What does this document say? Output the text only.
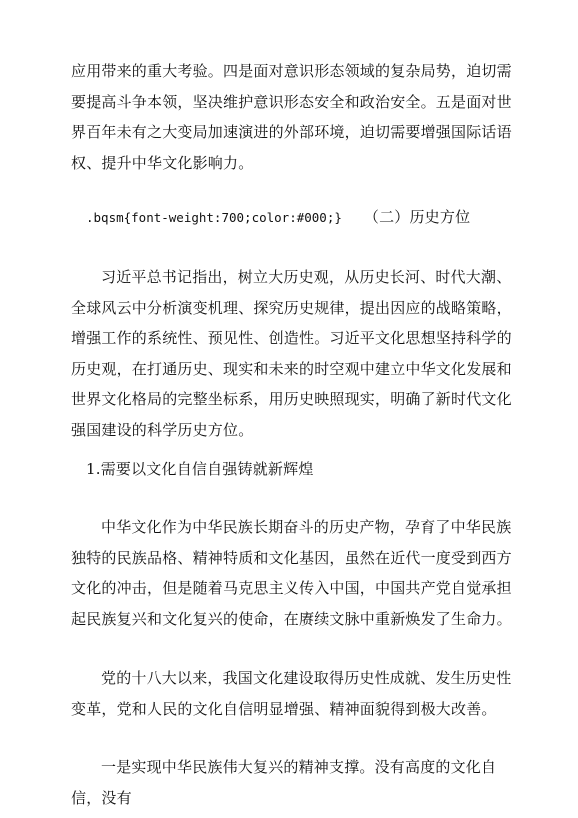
应用带来的重大考验。四是面对意识形态领域的复杂局势，迫切需要提高斗争本领，坚决维护意识形态安全和政治安全。五是面对世界百年未有之大变局加速演进的外部环境，迫切需要增强国际话语权、提升中华文化影响力。

.bqsm{font-weight:700;color:#000;} （二）历史方位

习近平总书记指出，树立大历史观，从历史长河、时代大潮、全球风云中分析演变机理、探究历史规律，提出因应的战略策略，增强工作的系统性、预见性、创造性。习近平文化思想坚持科学的历史观，在打通历史、现实和未来的时空观中建立中华文化发展和世界文化格局的完整坐标系，用历史映照现实，明确了新时代文化强国建设的科学历史方位。

1.需要以文化自信自强铸就新辉煌

中华文化作为中华民族长期奋斗的历史产物，孕育了中华民族独特的民族品格、精神特质和文化基因，虽然在近代一度受到西方文化的冲击，但是随着马克思主义传入中国，中国共产党自觉承担起民族复兴和文化复兴的使命，在赓续文脉中重新焕发了生命力。

党的十八大以来，我国文化建设取得历史性成就、发生历史性变革，党和人民的文化自信明显增强、精神面貌得到极大改善。

一是实现中华民族伟大复兴的精神支撑。没有高度的文化自信，没有
